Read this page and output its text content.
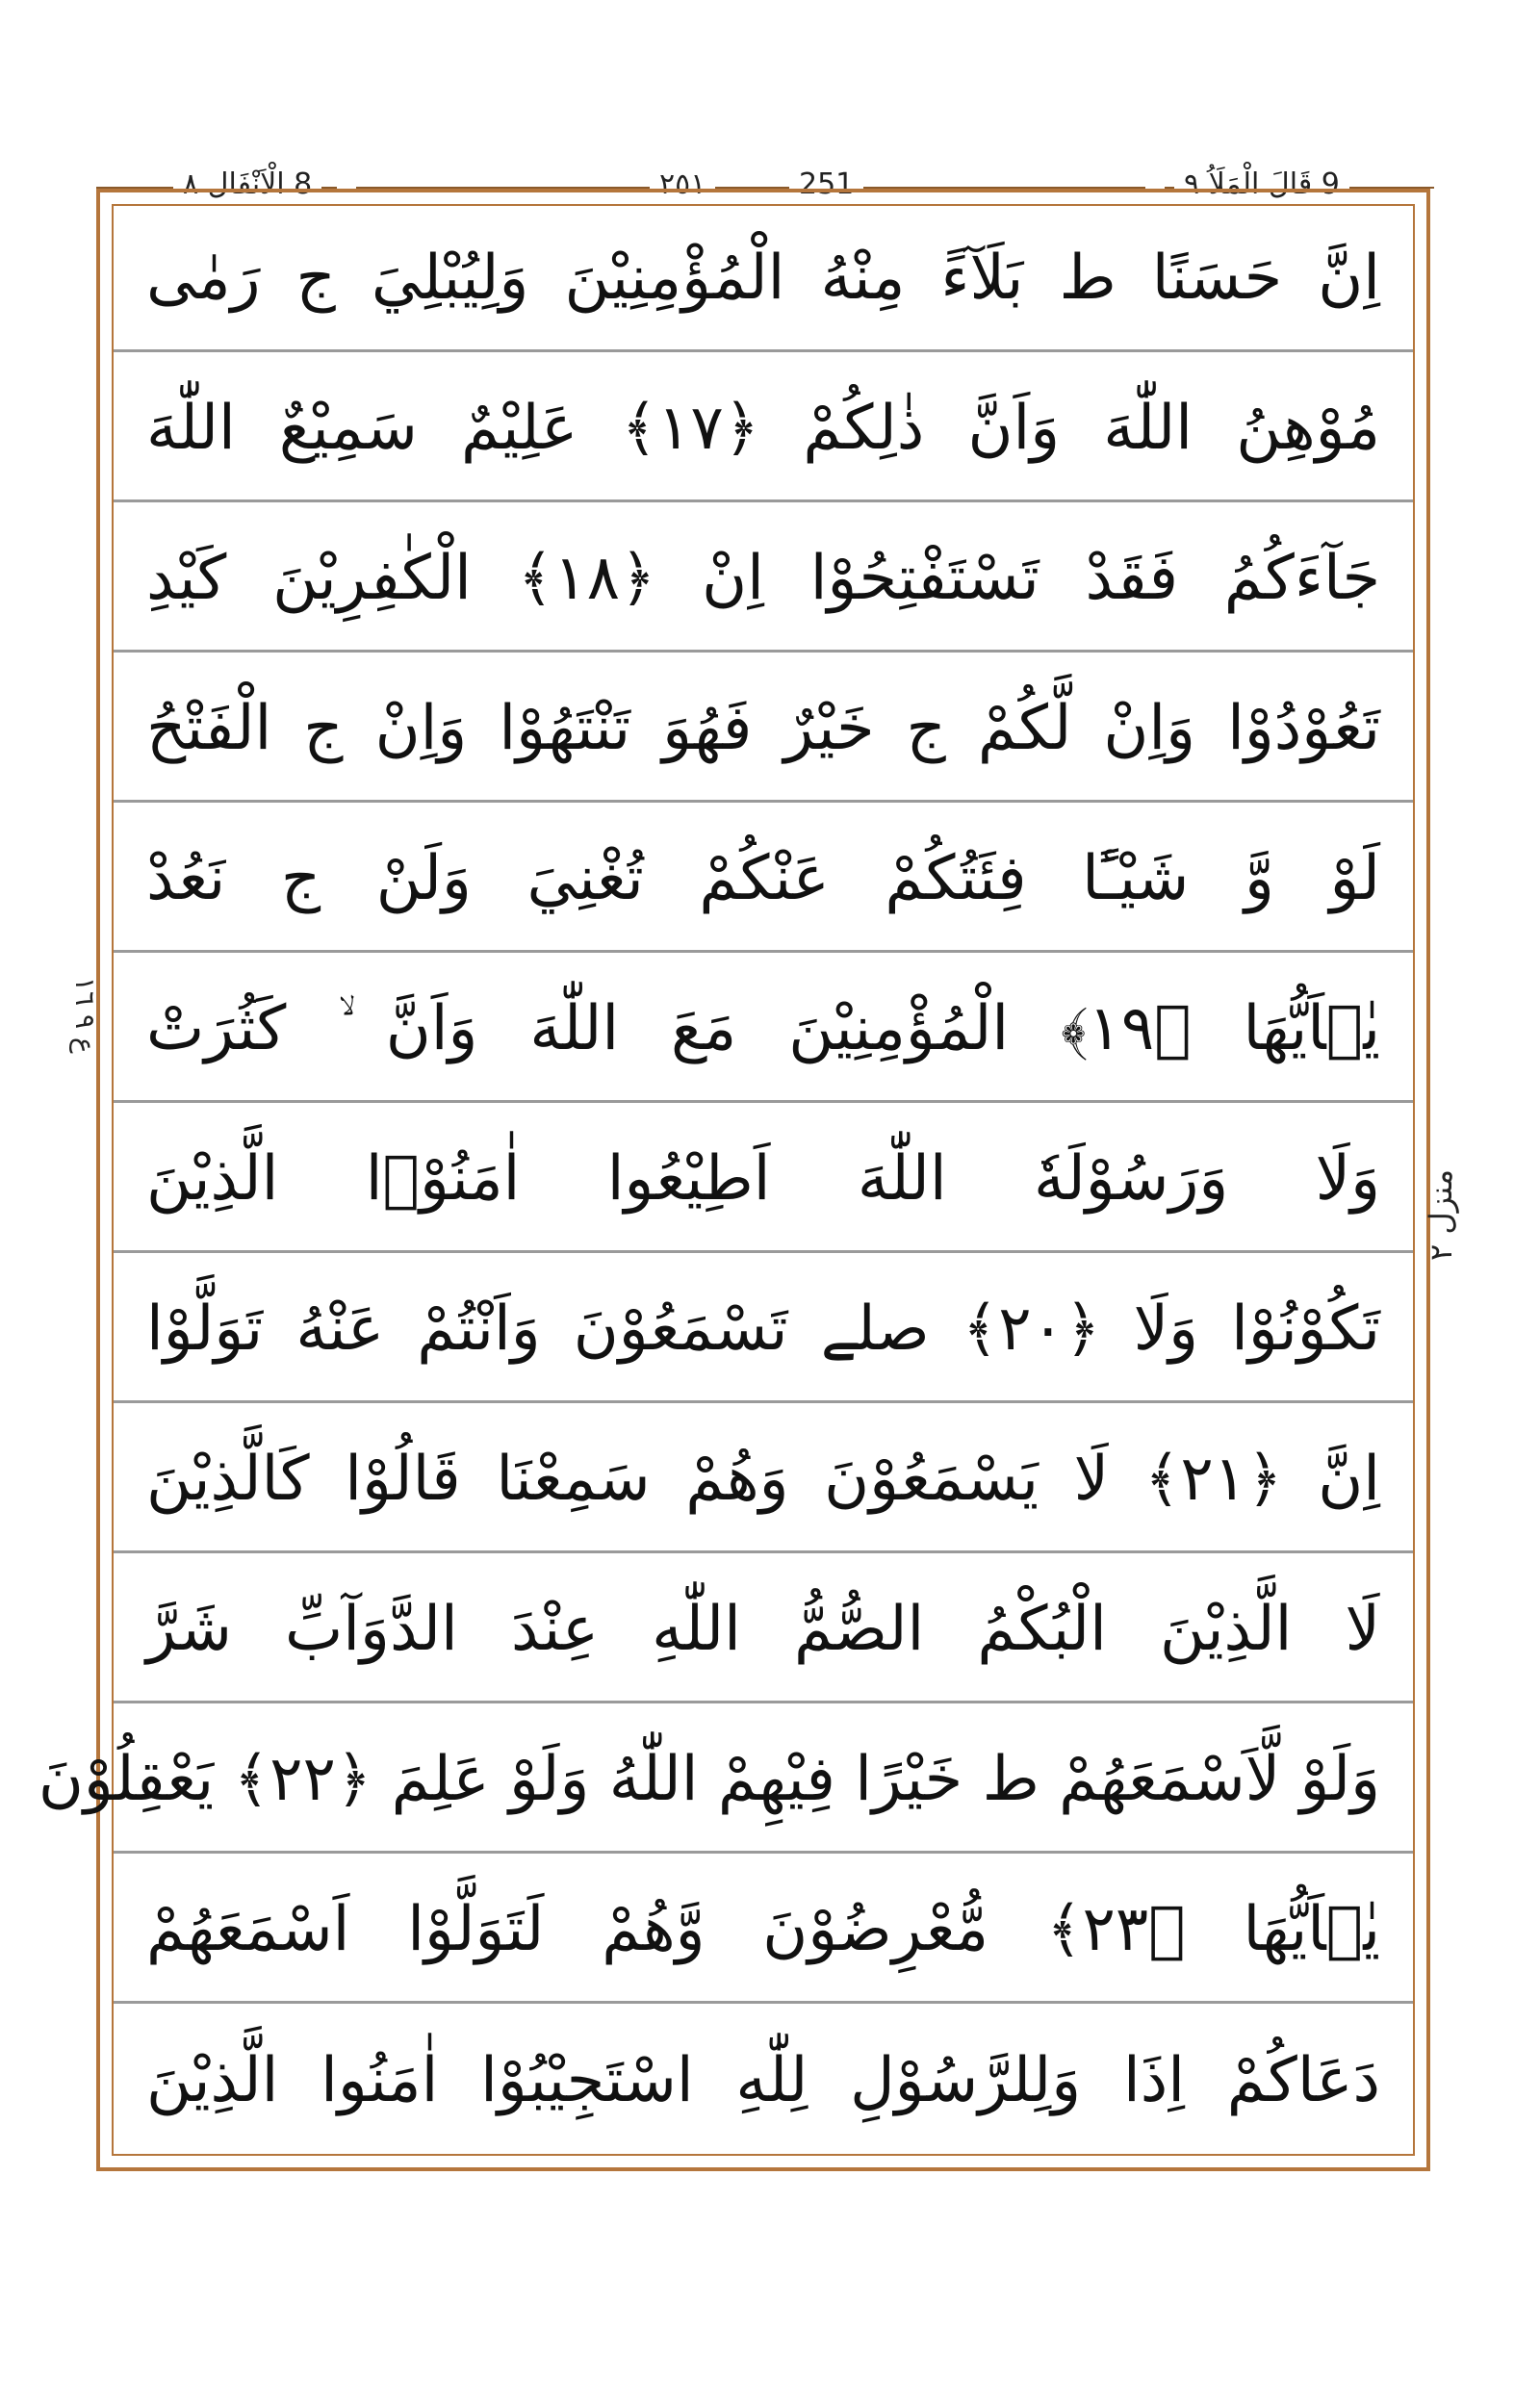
8 الْاَنْفَال ٨	٢٥١	251	9 قَالَ الْمَلَاُ ٩
اِنَّ حَسَنًا ط بَلَآءً مِنْهُ الْمُؤْمِنِيْنَ وَلِيُبْلِيَ ج رَمٰى
مُوْهِنُ اللّٰهَ وَاَنَّ ذٰلِكُمْ ﴿١٧﴾ عَلِيْمٌ سَمِيْعٌ اللّٰهَ
جَآءَكُمُ فَقَدْ تَسْتَفْتِحُوْا اِنْ ﴿١٨﴾ الْكٰفِرِيْنَ كَيْدِ
تَعُوْدُوْا وَاِنْ لَّكُمْ ج خَيْرٌ فَهُوَ تَنْتَهُوْا وَاِنْ ج الْفَتْحُ
لَوْ وَّ شَيْـًٔا فِئَتُكُمْ عَنْكُمْ تُغْنِيَ وَلَنْ ج نَعُدْ
يٰۤاَيُّهَا ﴿١٩﴾ الْمُؤْمِنِيْنَ مَعَ اللّٰهَ وَاَنَّ ۙ كَثُرَتْ
وَلَا وَرَسُوْلَهٗ اللّٰهَ اَطِيْعُوا اٰمَنُوْۤا الَّذِيْنَ
تَكُوْنُوْا وَلَا ﴿٢٠﴾ صلے تَسْمَعُوْنَ وَاَنْتُمْ عَنْهُ تَوَلَّوْا
اِنَّ ﴿٢١﴾ لَا يَسْمَعُوْنَ وَهُمْ سَمِعْنَا قَالُوْا كَالَّذِيْنَ
لَا الَّذِيْنَ الْبُكْمُ الصُّمُّ اللّٰهِ عِنْدَ الدَّوَآبِّ شَرَّ
وَلَوْ لَّاَسْمَعَهُمْ ط خَيْرًا فِيْهِمْ اللّٰهُ وَلَوْ عَلِمَ ﴿٢٢﴾ يَعْقِلُوْنَ
يٰۤاَيُّهَا ﴿٢٣﴾ مُّعْرِضُوْنَ وَّهُمْ لَتَوَلَّوْا اَسْمَعَهُمْ
دَعَاكُمْ اِذَا وَلِلرَّسُوْلِ لِلّٰهِ اسْتَجِيْبُوْا اٰمَنُوا الَّذِيْنَ
ع ٩ ١٦
منزل ٢
